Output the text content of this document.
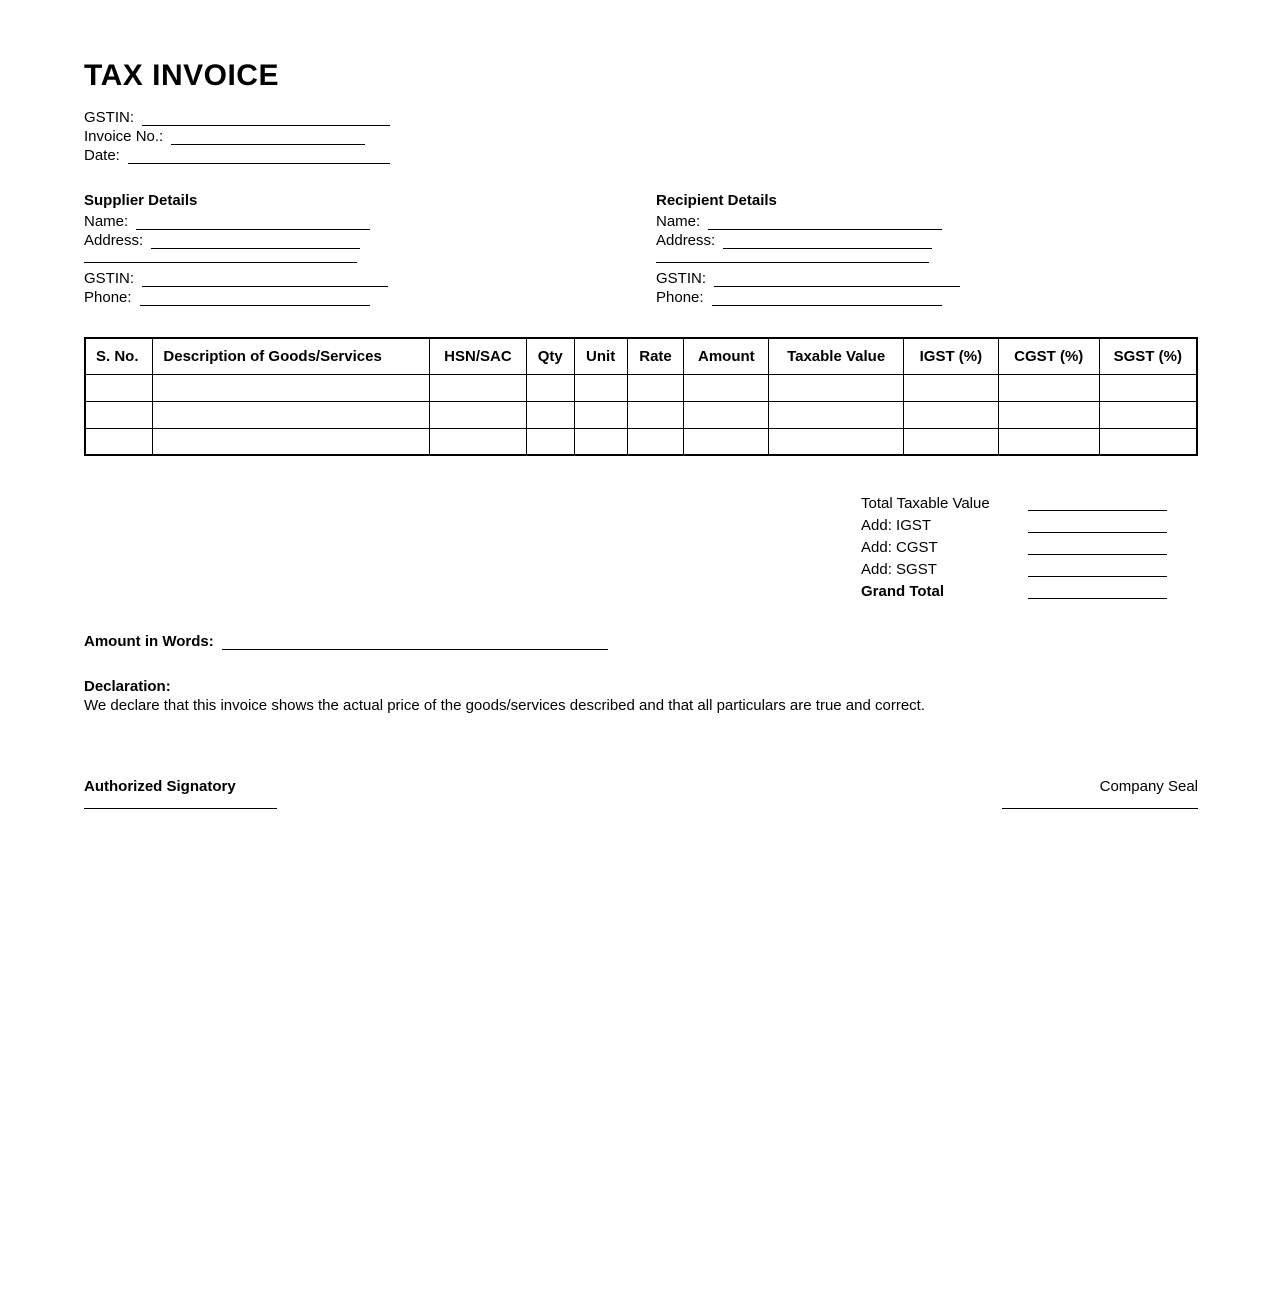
TAX INVOICE
GSTIN:
Invoice No.:
Date:
Supplier Details
Name:
Address:
GSTIN:
Phone:
Recipient Details
Name:
Address:
GSTIN:
Phone:
S. No.	Description of Goods/Services	HSN/SAC	Qty	Unit	Rate	Amount	Taxable Value	IGST (%)	CGST (%)	SGST (%)

Total Taxable Value
Add: IGST
Add: CGST
Add: SGST
Grand Total
Amount in Words:
Declaration:
We declare that this invoice shows the actual price of the goods/services described and that all particulars are true and correct.
Authorized Signatory	Company Seal
